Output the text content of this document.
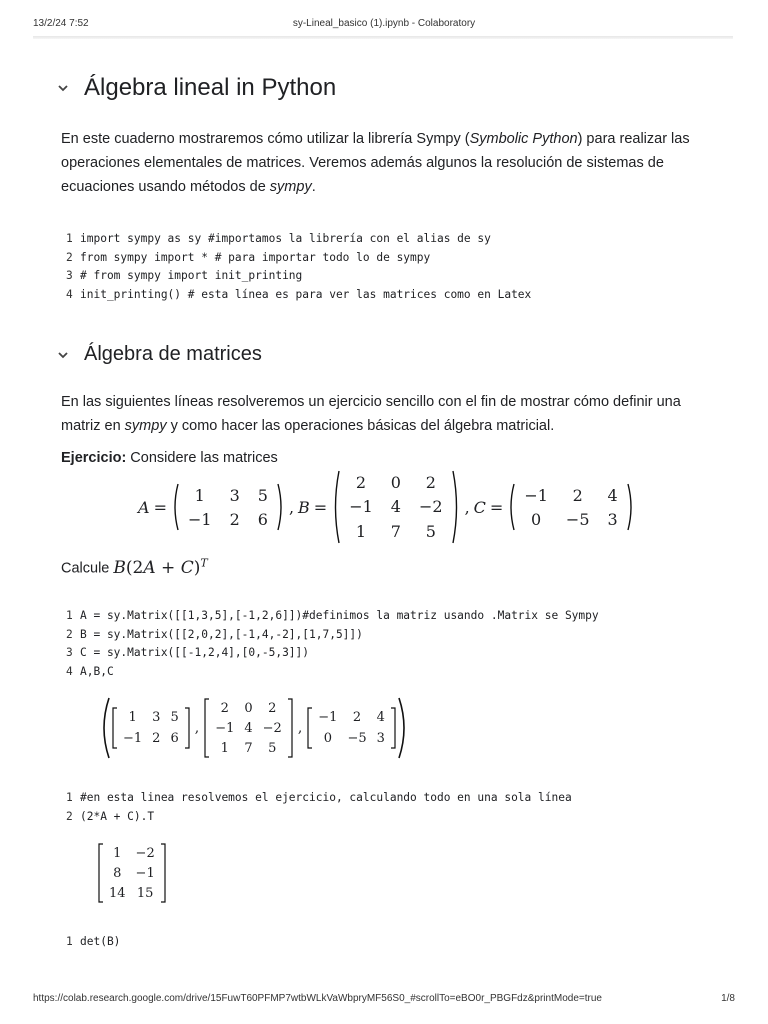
13/2/24 7:52	sy-Lineal_basico (1).ipynb - Colaboratory
Álgebra lineal in Python
En este cuaderno mostraremos cómo utilizar la librería Sympy (Symbolic Python) para realizar las operaciones elementales de matrices. Veremos además algunos la resolución de sistemas de ecuaciones usando métodos de sympy.
1 import sympy as sy #importamos la librería con el alias de sy
2 from sympy import * # para importar todo lo de sympy
3 # from sympy import init_printing
4 init_printing() # esta línea es para ver las matrices como en Latex
Álgebra de matrices
En las siguientes líneas resolveremos un ejercicio sencillo con el fin de mostrar cómo definir una matriz en sympy y como hacer las operaciones básicas del álgebra matricial.
Ejercicio: Considere las matrices
A =
1	3	5
−1	2	6
, B =
2	0	2
−1	4	−2
1	7	5
, C =
−1	2	4
0	−5	3
Calcule $B(2A + C)^T$
1 A = sy.Matrix([[1,3,5],[-1,2,6]])#definimos la matriz usando .Matrix se Sympy
2 B = sy.Matrix([[2,0,2],[-1,4,-2],[1,7,5]])
3 C = sy.Matrix([[-1,2,4],[0,-5,3]])
4 A,B,C
1	3	5
−1	2	6
,
2	0	2
−1	4	−2
1	7	5
,
−1	2	4
0	−5	3
1 #en esta linea resolvemos el ejercicio, calculando todo en una sola línea
2 (2*A + C).T
1	−2
8	−1
14	15
1 det(B)
https://colab.research.google.com/drive/15FuwT60PFMP7wtbWLkVaWbpryMF56S0_#scrollTo=eBO0r_PBGFdz&printMode=true	1/8
